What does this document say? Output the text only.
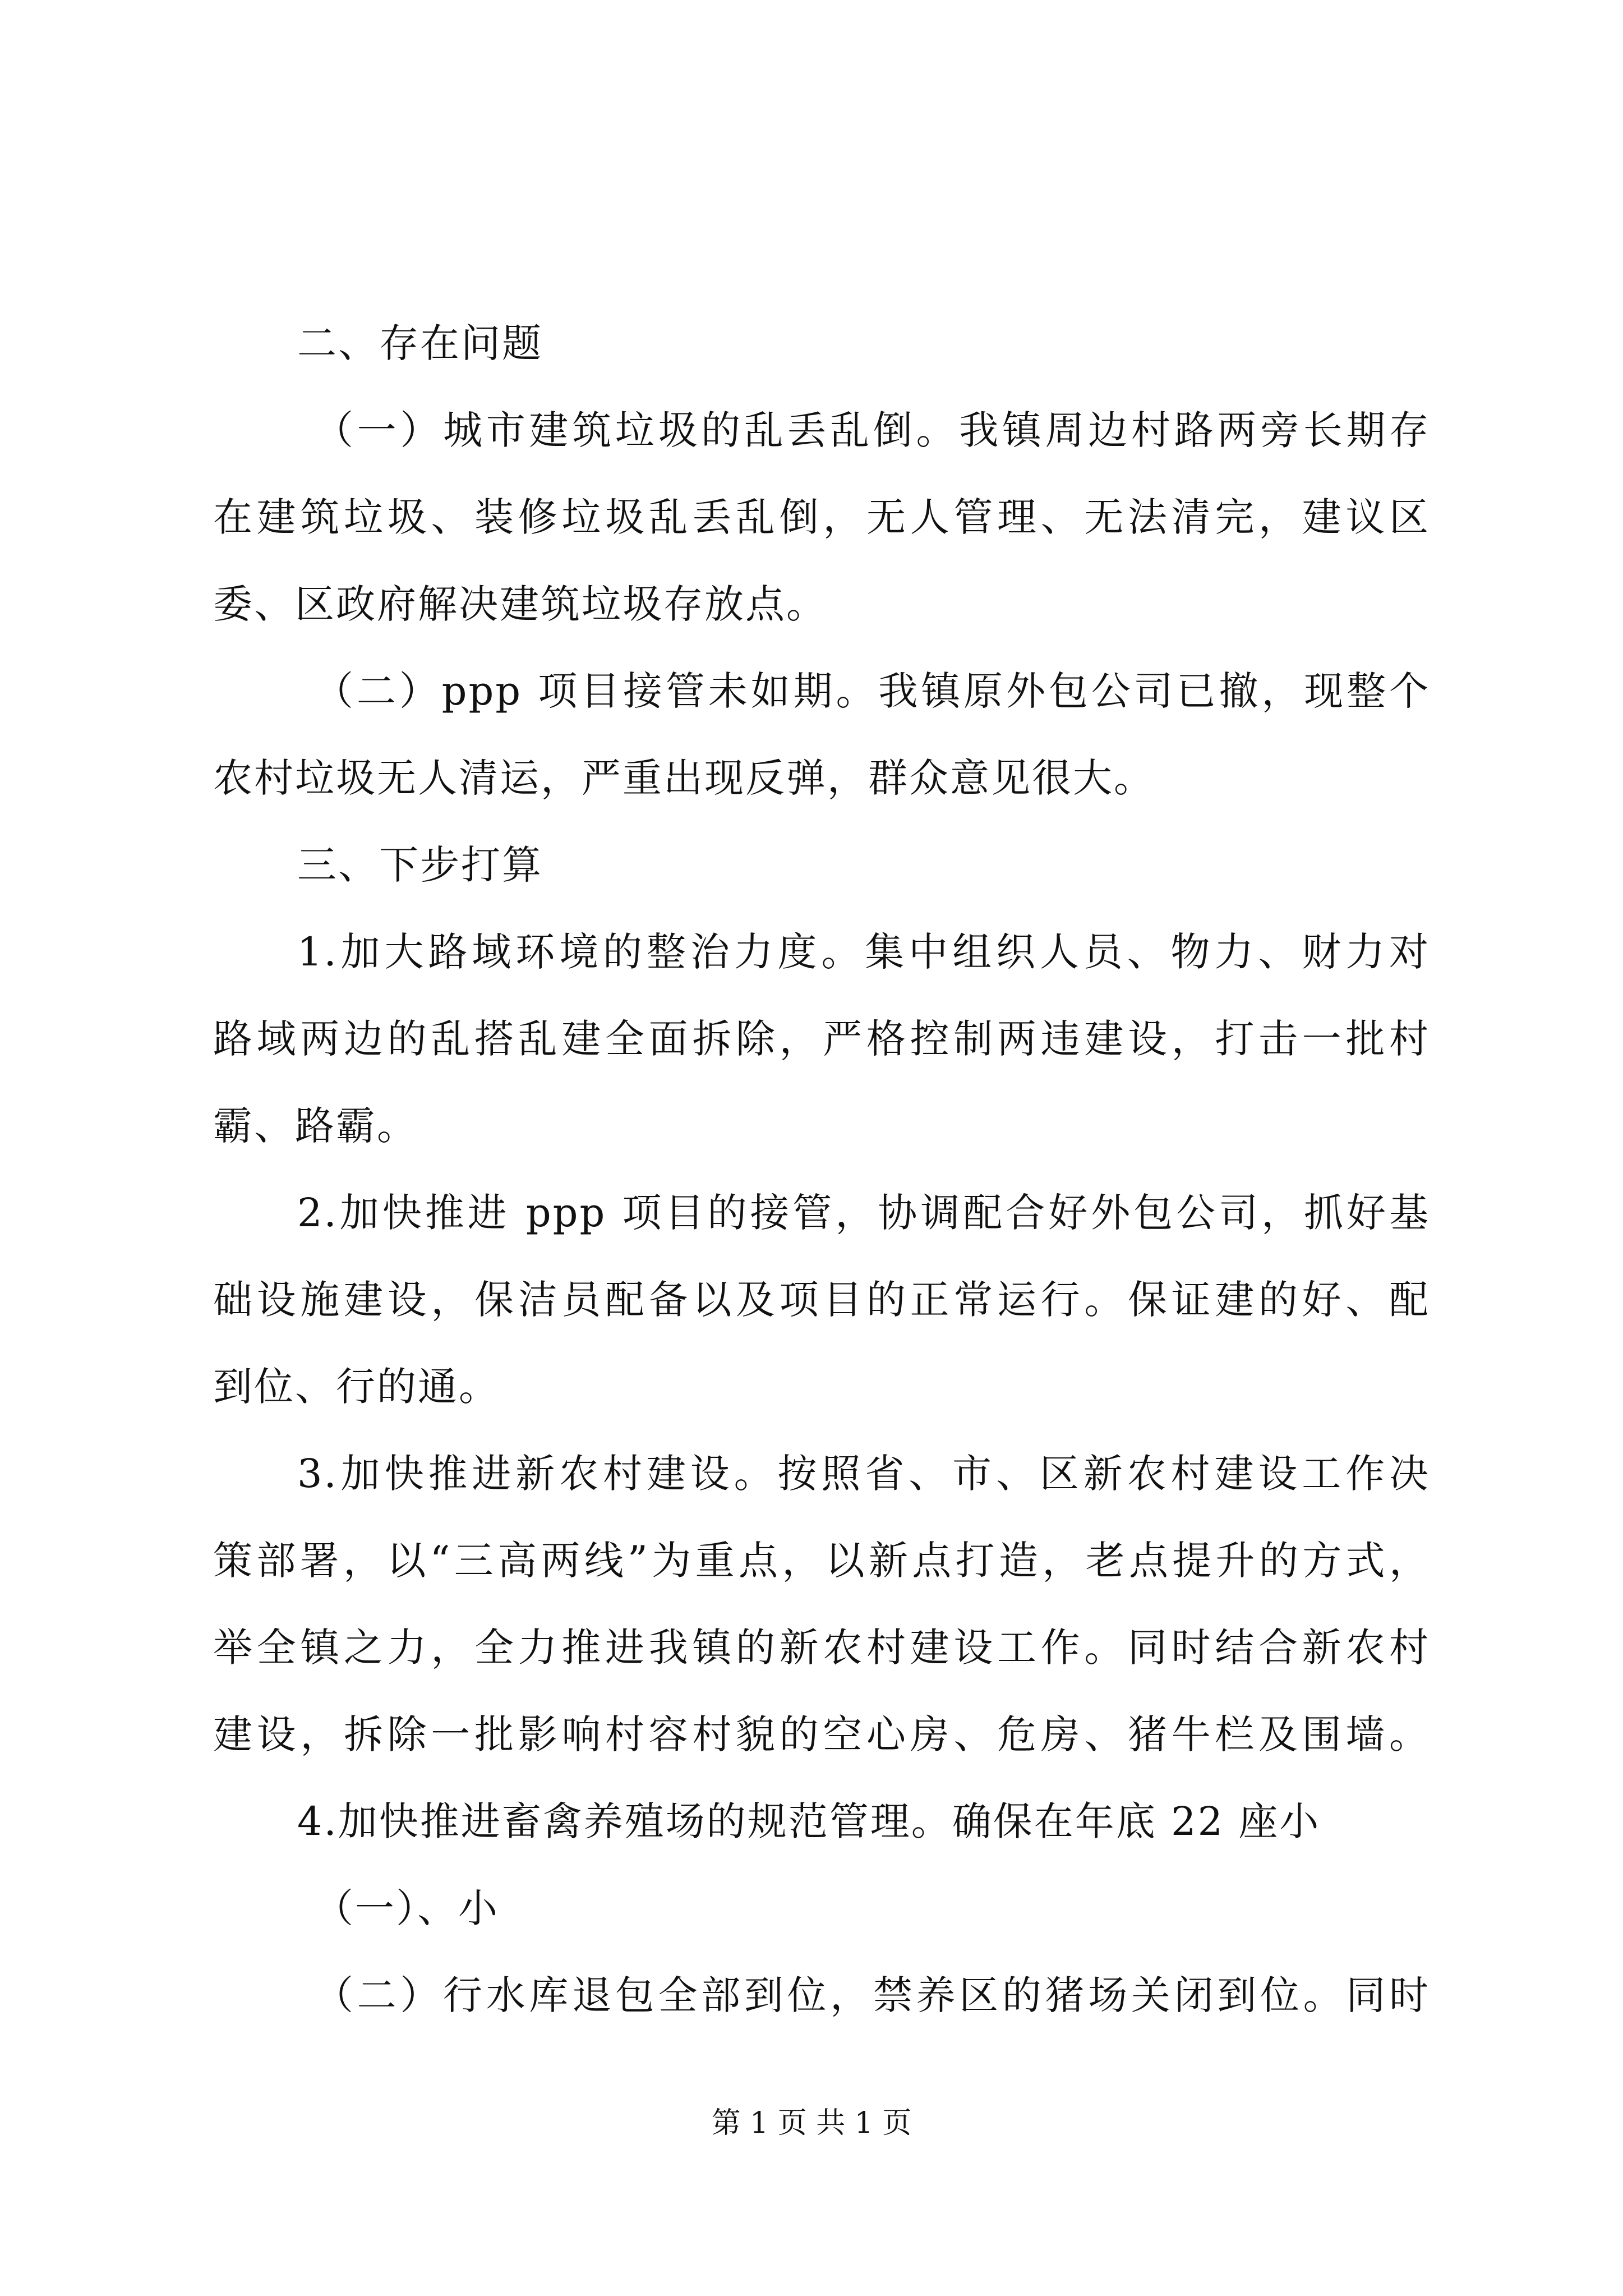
二、存在问题
（一）城市建筑垃圾的乱丢乱倒。我镇周边村路两旁长期存
在建筑垃圾、装修垃圾乱丢乱倒，无人管理、无法清完，建议区
委、区政府解决建筑垃圾存放点。
（二）ppp 项目接管未如期。我镇原外包公司已撤，现整个
农村垃圾无人清运，严重出现反弹，群众意见很大。
三、下步打算
1.加大路域环境的整治力度。集中组织人员、物力、财力对
路域两边的乱搭乱建全面拆除，严格控制两违建设，打击一批村
霸、路霸。
2.加快推进 ppp 项目的接管，协调配合好外包公司，抓好基
础设施建设，保洁员配备以及项目的正常运行。保证建的好、配
到位、行的通。
3.加快推进新农村建设。按照省、市、区新农村建设工作决
策部署，以“三高两线”为重点，以新点打造，老点提升的方式，
举全镇之力，全力推进我镇的新农村建设工作。同时结合新农村
建设，拆除一批影响村容村貌的空心房、危房、猪牛栏及围墙。
4.加快推进畜禽养殖场的规范管理。确保在年底 22 座小
（一）、小
（二）行水库退包全部到位，禁养区的猪场关闭到位。同时
第 1 页 共 1 页
